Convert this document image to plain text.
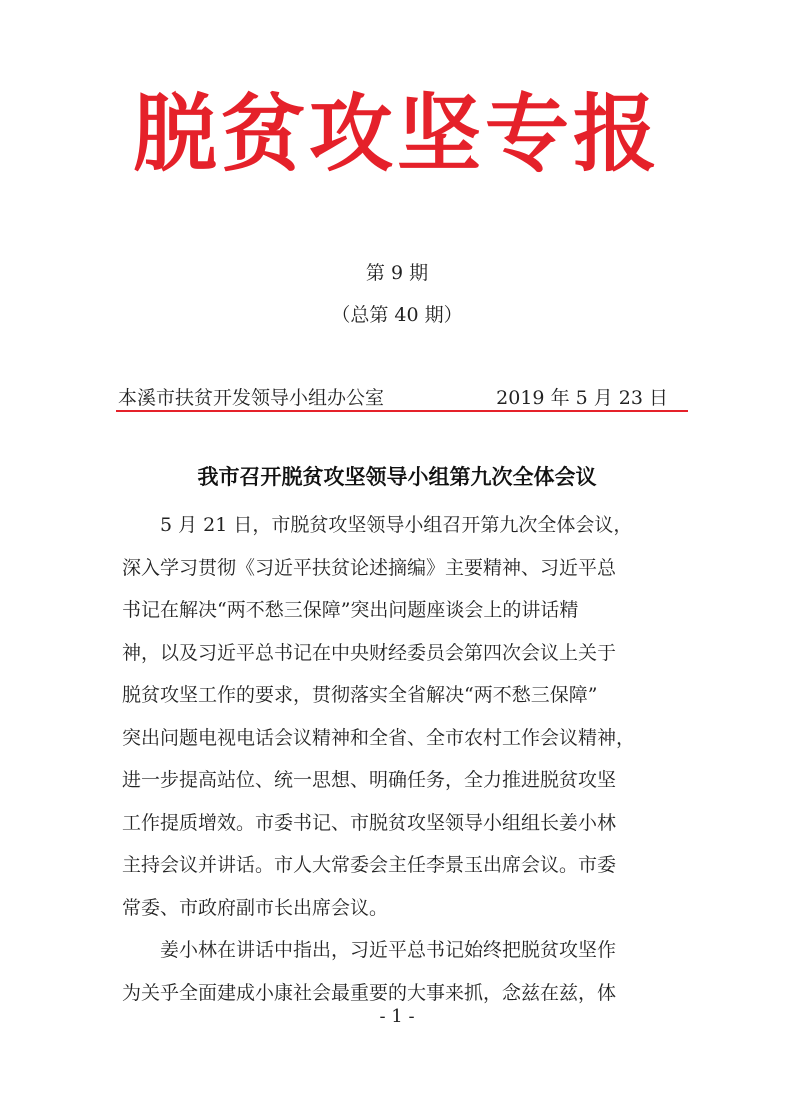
脱贫攻坚专报
第 9 期
（总第 40 期）
本溪市扶贫开发领导小组办公室	2019 年 5 月 23 日
我市召开脱贫攻坚领导小组第九次全体会议
5 月 21 日，市脱贫攻坚领导小组召开第九次全体会议，
深入学习贯彻《习近平扶贫论述摘编》主要精神、习近平总
书记在解决“两不愁三保障”突出问题座谈会上的讲话精
神，以及习近平总书记在中央财经委员会第四次会议上关于
脱贫攻坚工作的要求，贯彻落实全省解决“两不愁三保障”
突出问题电视电话会议精神和全省、全市农村工作会议精神，
进一步提高站位、统一思想、明确任务，全力推进脱贫攻坚
工作提质增效。市委书记、市脱贫攻坚领导小组组长姜小林
主持会议并讲话。市人大常委会主任李景玉出席会议。市委
常委、市政府副市长出席会议。
姜小林在讲话中指出，习近平总书记始终把脱贫攻坚作
为关乎全面建成小康社会最重要的大事来抓，念兹在兹，体
- 1 -
